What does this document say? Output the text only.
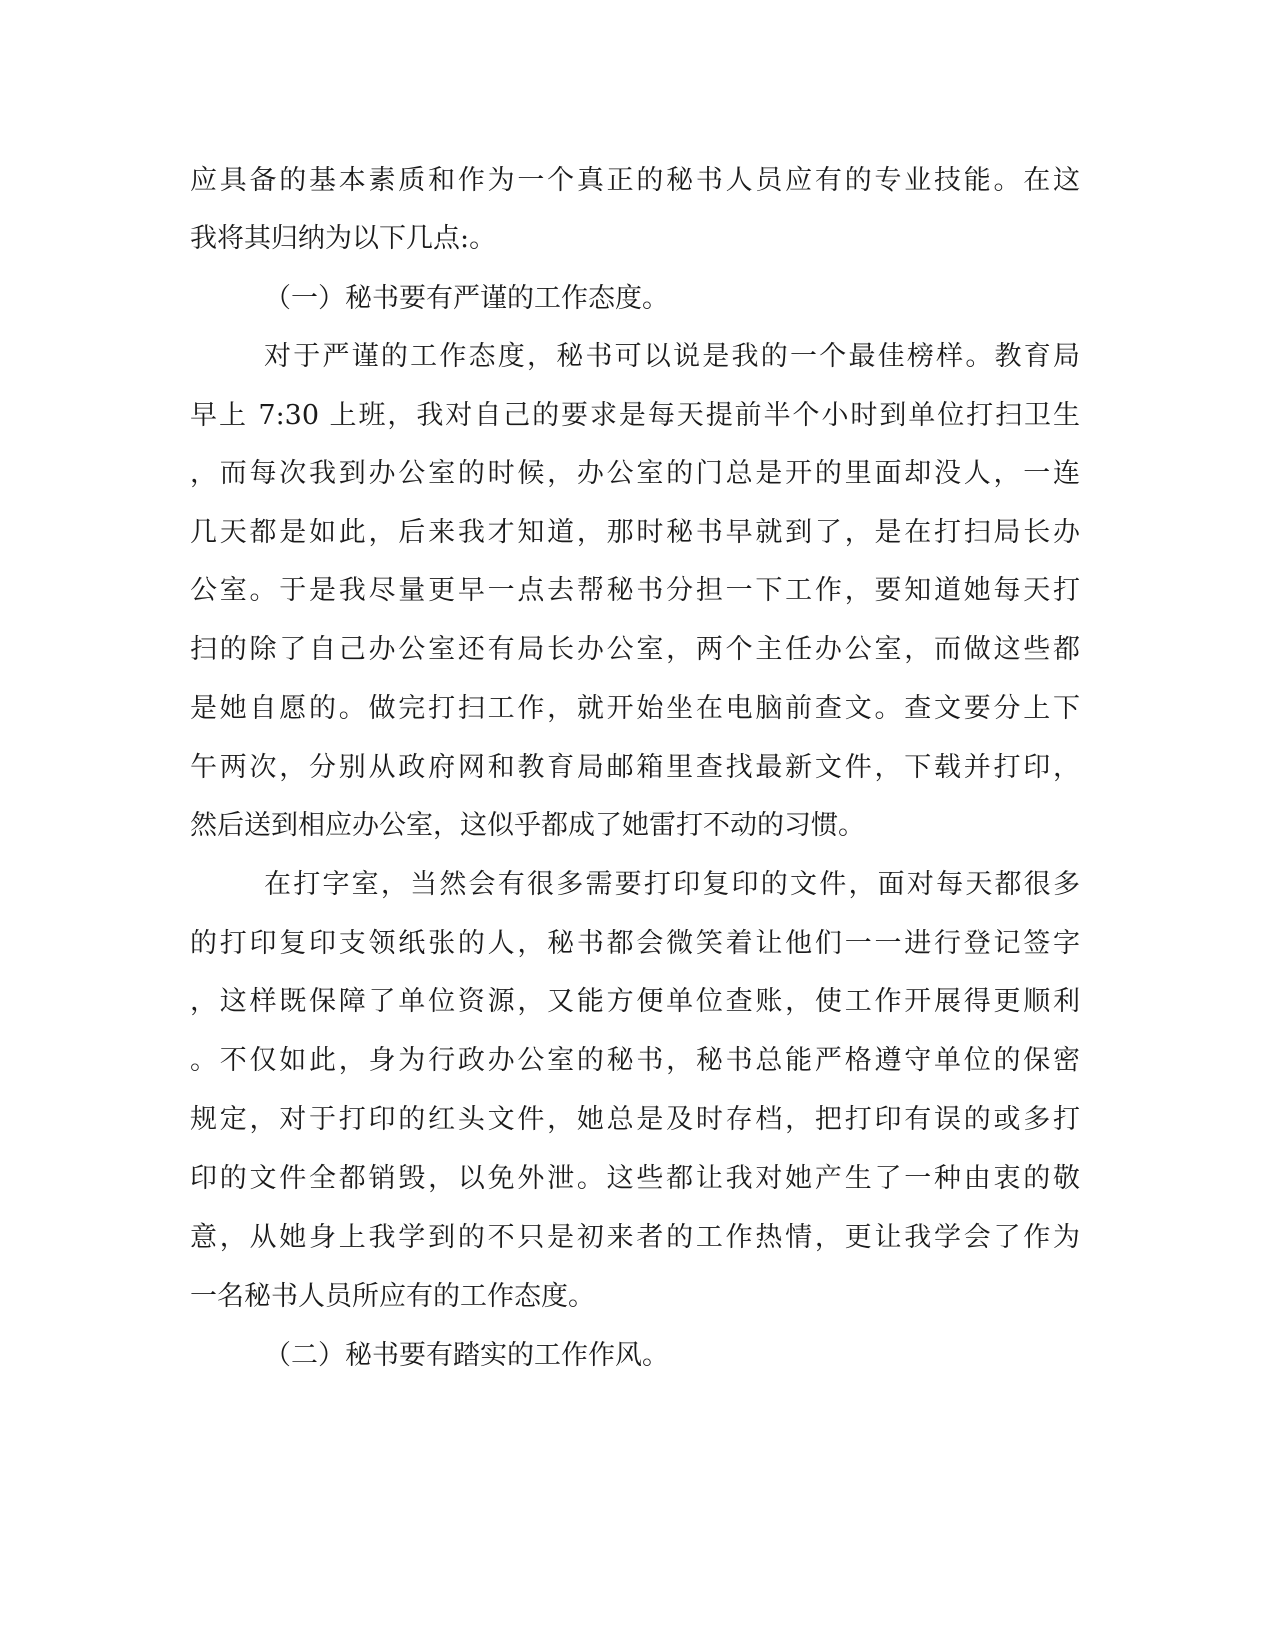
应具备的基本素质和作为一个真正的秘书人员应有的专业技能。在这
我将其归纳为以下几点:。
（一）秘书要有严谨的工作态度。
对于严谨的工作态度，秘书可以说是我的一个最佳榜样。教育局
早上 7:30 上班，我对自己的要求是每天提前半个小时到单位打扫卫生
，而每次我到办公室的时候，办公室的门总是开的里面却没人，一连
几天都是如此，后来我才知道，那时秘书早就到了，是在打扫局长办
公室。于是我尽量更早一点去帮秘书分担一下工作，要知道她每天打
扫的除了自己办公室还有局长办公室，两个主任办公室，而做这些都
是她自愿的。做完打扫工作，就开始坐在电脑前查文。查文要分上下
午两次，分别从政府网和教育局邮箱里查找最新文件，下载并打印，
然后送到相应办公室，这似乎都成了她雷打不动的习惯。
在打字室，当然会有很多需要打印复印的文件，面对每天都很多
的打印复印支领纸张的人，秘书都会微笑着让他们一一进行登记签字
，这样既保障了单位资源，又能方便单位查账，使工作开展得更顺利
。不仅如此，身为行政办公室的秘书，秘书总能严格遵守单位的保密
规定，对于打印的红头文件，她总是及时存档，把打印有误的或多打
印的文件全都销毁，以免外泄。这些都让我对她产生了一种由衷的敬
意，从她身上我学到的不只是初来者的工作热情，更让我学会了作为
一名秘书人员所应有的工作态度。
（二）秘书要有踏实的工作作风。
